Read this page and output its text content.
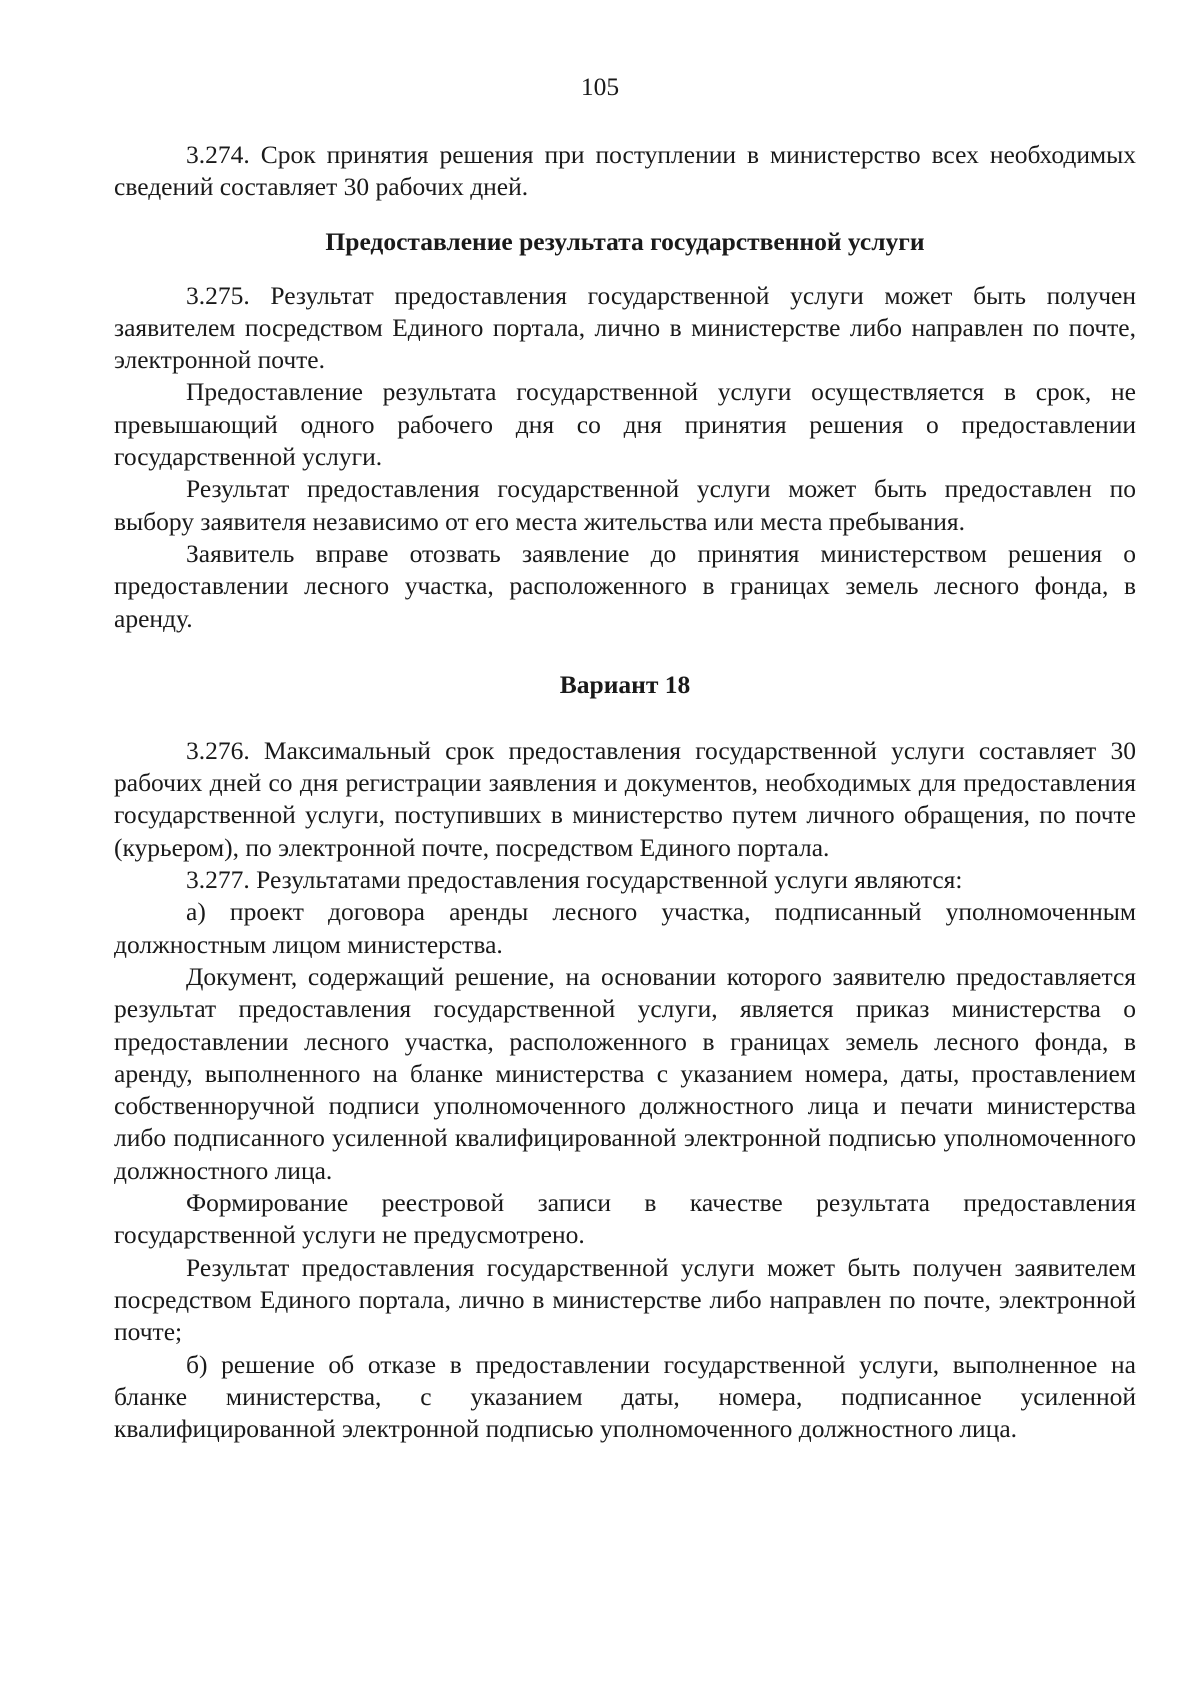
105

3.274. Срок принятия решения при поступлении в министерство всех необходимых сведений составляет 30 рабочих дней.

Предоставление результата государственной услуги

3.275. Результат предоставления государственной услуги может быть получен заявителем посредством Единого портала, лично в министерстве либо направлен по почте, электронной почте.

Предоставление результата государственной услуги осуществляется в срок, не превышающий одного рабочего дня со дня принятия решения о предоставлении государственной услуги.

Результат предоставления государственной услуги может быть предоставлен по выбору заявителя независимо от его места жительства или места пребывания.

Заявитель вправе отозвать заявление до принятия министерством решения о предоставлении лесного участка, расположенного в границах земель лесного фонда, в аренду.

Вариант 18

3.276. Максимальный срок предоставления государственной услуги составляет 30 рабочих дней со дня регистрации заявления и документов, необходимых для предоставления государственной услуги, поступивших в министерство путем личного обращения, по почте (курьером), по электронной почте, посредством Единого портала.

3.277. Результатами предоставления государственной услуги являются:

а) проект договора аренды лесного участка, подписанный уполномоченным должностным лицом министерства.

Документ, содержащий решение, на основании которого заявителю предоставляется результат предоставления государственной услуги, является приказ министерства о предоставлении лесного участка, расположенного в границах земель лесного фонда, в аренду, выполненного на бланке министерства с указанием номера, даты, проставлением собственноручной подписи уполномоченного должностного лица и печати министерства либо подписанного усиленной квалифицированной электронной подписью уполномоченного должностного лица.

Формирование реестровой записи в качестве результата предоставления государственной услуги не предусмотрено.

Результат предоставления государственной услуги может быть получен заявителем посредством Единого портала, лично в министерстве либо направлен по почте, электронной почте;

б) решение об отказе в предоставлении государственной услуги, выполненное на бланке министерства, с указанием даты, номера, подписанное усиленной квалифицированной электронной подписью уполномоченного должностного лица.
